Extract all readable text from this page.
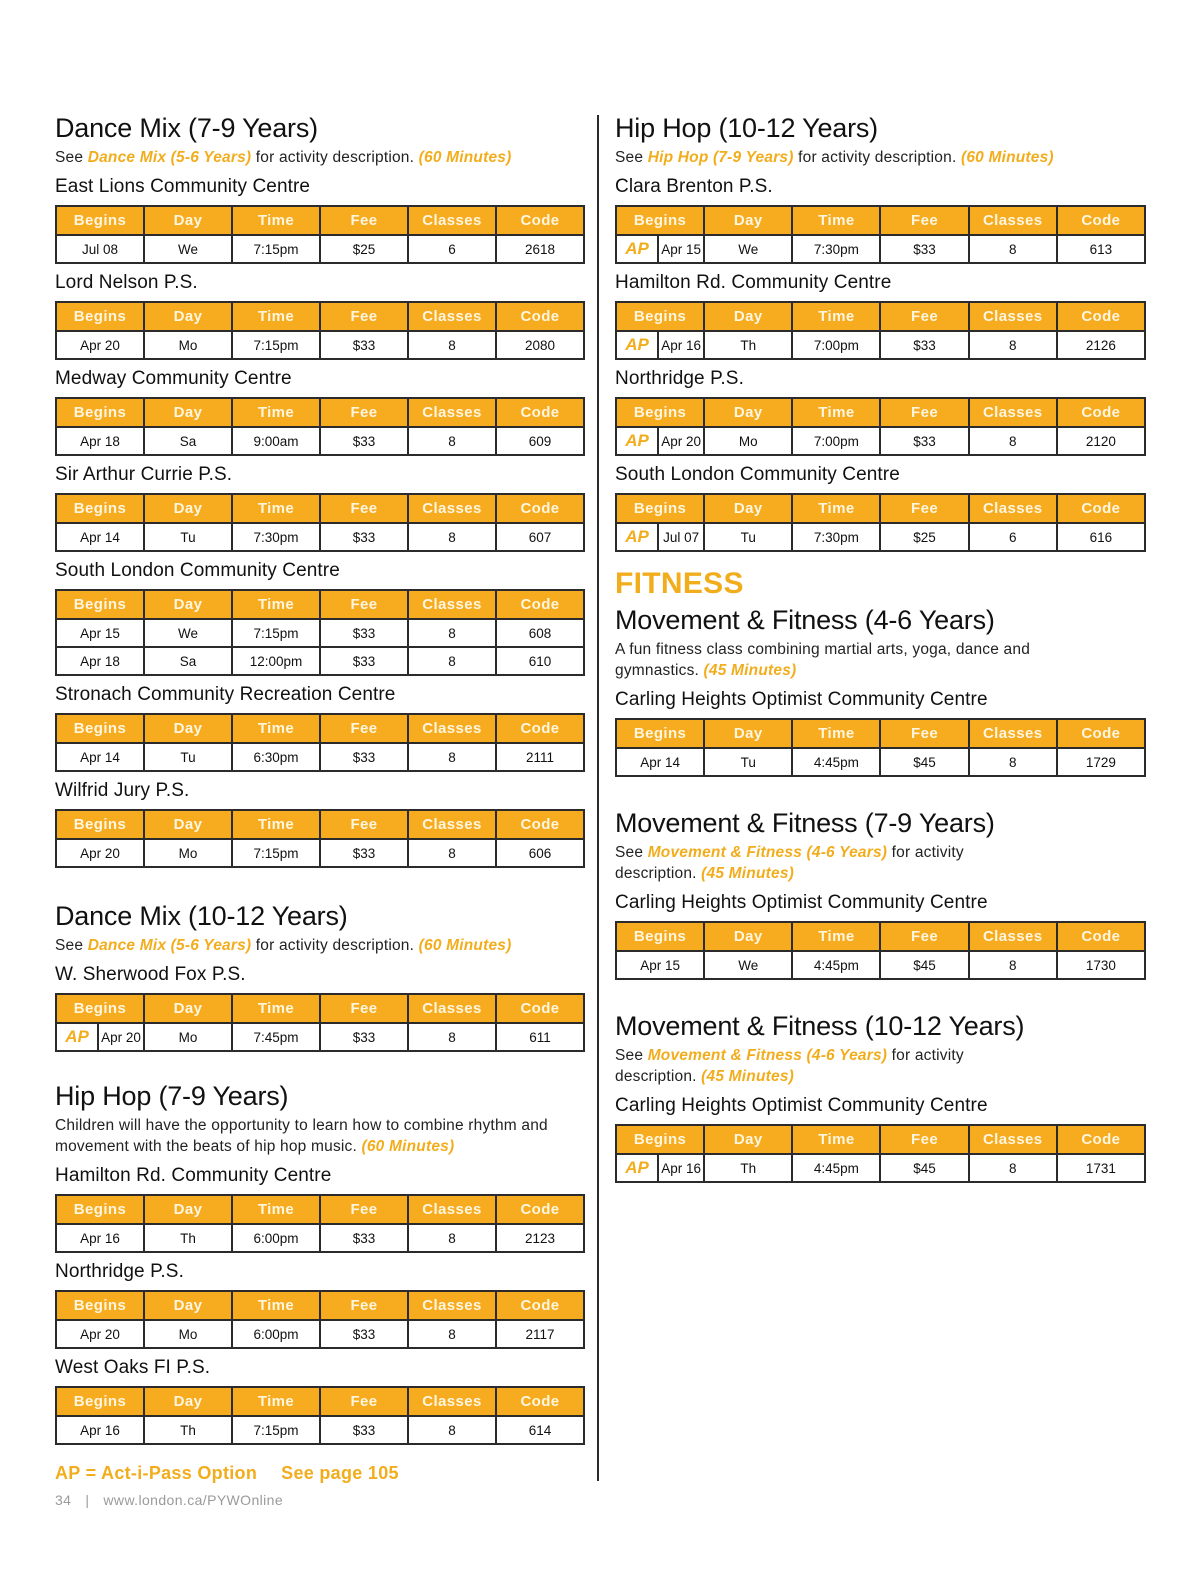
Dance Mix (7-9 Years)
See Dance Mix (5-6 Years) for activity description. (60 Minutes)
East Lions Community Centre
Begins	Day	Time	Fee	Classes	Code
Jul 08	We	7:15pm	$25	6	2618
Lord Nelson P.S.
Begins	Day	Time	Fee	Classes	Code
Apr 20	Mo	7:15pm	$33	8	2080
Medway Community Centre
Begins	Day	Time	Fee	Classes	Code
Apr 18	Sa	9:00am	$33	8	609
Sir Arthur Currie P.S.
Begins	Day	Time	Fee	Classes	Code
Apr 14	Tu	7:30pm	$33	8	607
South London Community Centre
Begins	Day	Time	Fee	Classes	Code
Apr 15	We	7:15pm	$33	8	608
Apr 18	Sa	12:00pm	$33	8	610
Stronach Community Recreation Centre
Begins	Day	Time	Fee	Classes	Code
Apr 14	Tu	6:30pm	$33	8	2111
Wilfrid Jury P.S.
Begins	Day	Time	Fee	Classes	Code
Apr 20	Mo	7:15pm	$33	8	606
Dance Mix (10-12 Years)
See Dance Mix (5-6 Years) for activity description. (60 Minutes)
W. Sherwood Fox P.S.
Begins	Day	Time	Fee	Classes	Code

AP Apr 20	Mo	7:45pm	$33	8	611
Hip Hop (7-9 Years)
Children will have the opportunity to learn how to combine rhythm and movement with the beats of hip hop music. (60 Minutes)
Hamilton Rd. Community Centre
Begins	Day	Time	Fee	Classes	Code
Apr 16	Th	6:00pm	$33	8	2123
Northridge P.S.
Begins	Day	Time	Fee	Classes	Code
Apr 20	Mo	6:00pm	$33	8	2117
West Oaks FI P.S.
Begins	Day	Time	Fee	Classes	Code
Apr 16	Th	7:15pm	$33	8	614
Hip Hop (10-12 Years)
See Hip Hop (7-9 Years) for activity description. (60 Minutes)
Clara Brenton P.S.
Begins	Day	Time	Fee	Classes	Code

AP Apr 15	We	7:30pm	$33	8	613
Hamilton Rd. Community Centre
Begins	Day	Time	Fee	Classes	Code

AP Apr 16	Th	7:00pm	$33	8	2126
Northridge P.S.
Begins	Day	Time	Fee	Classes	Code

AP Apr 20	Mo	7:00pm	$33	8	2120
South London Community Centre
Begins	Day	Time	Fee	Classes	Code

AP Jul 07	Tu	7:30pm	$25	6	616
FITNESS
Movement & Fitness (4-6 Years)
A fun fitness class combining martial arts, yoga, dance and gymnastics. (45 Minutes)
Carling Heights Optimist Community Centre
Begins	Day	Time	Fee	Classes	Code
Apr 14	Tu	4:45pm	$45	8	1729
Movement & Fitness (7-9 Years)
See Movement & Fitness (4-6 Years) for activity description. (45 Minutes)
Carling Heights Optimist Community Centre
Begins	Day	Time	Fee	Classes	Code
Apr 15	We	4:45pm	$45	8	1730
Movement & Fitness (10-12 Years)
See Movement & Fitness (4-6 Years) for activity description. (45 Minutes)
Carling Heights Optimist Community Centre
Begins	Day	Time	Fee	Classes	Code

AP Apr 16	Th	4:45pm	$45	8	1731
AP = Act-i-Pass Option See page 105
34 | www.london.ca/PYWOnline
